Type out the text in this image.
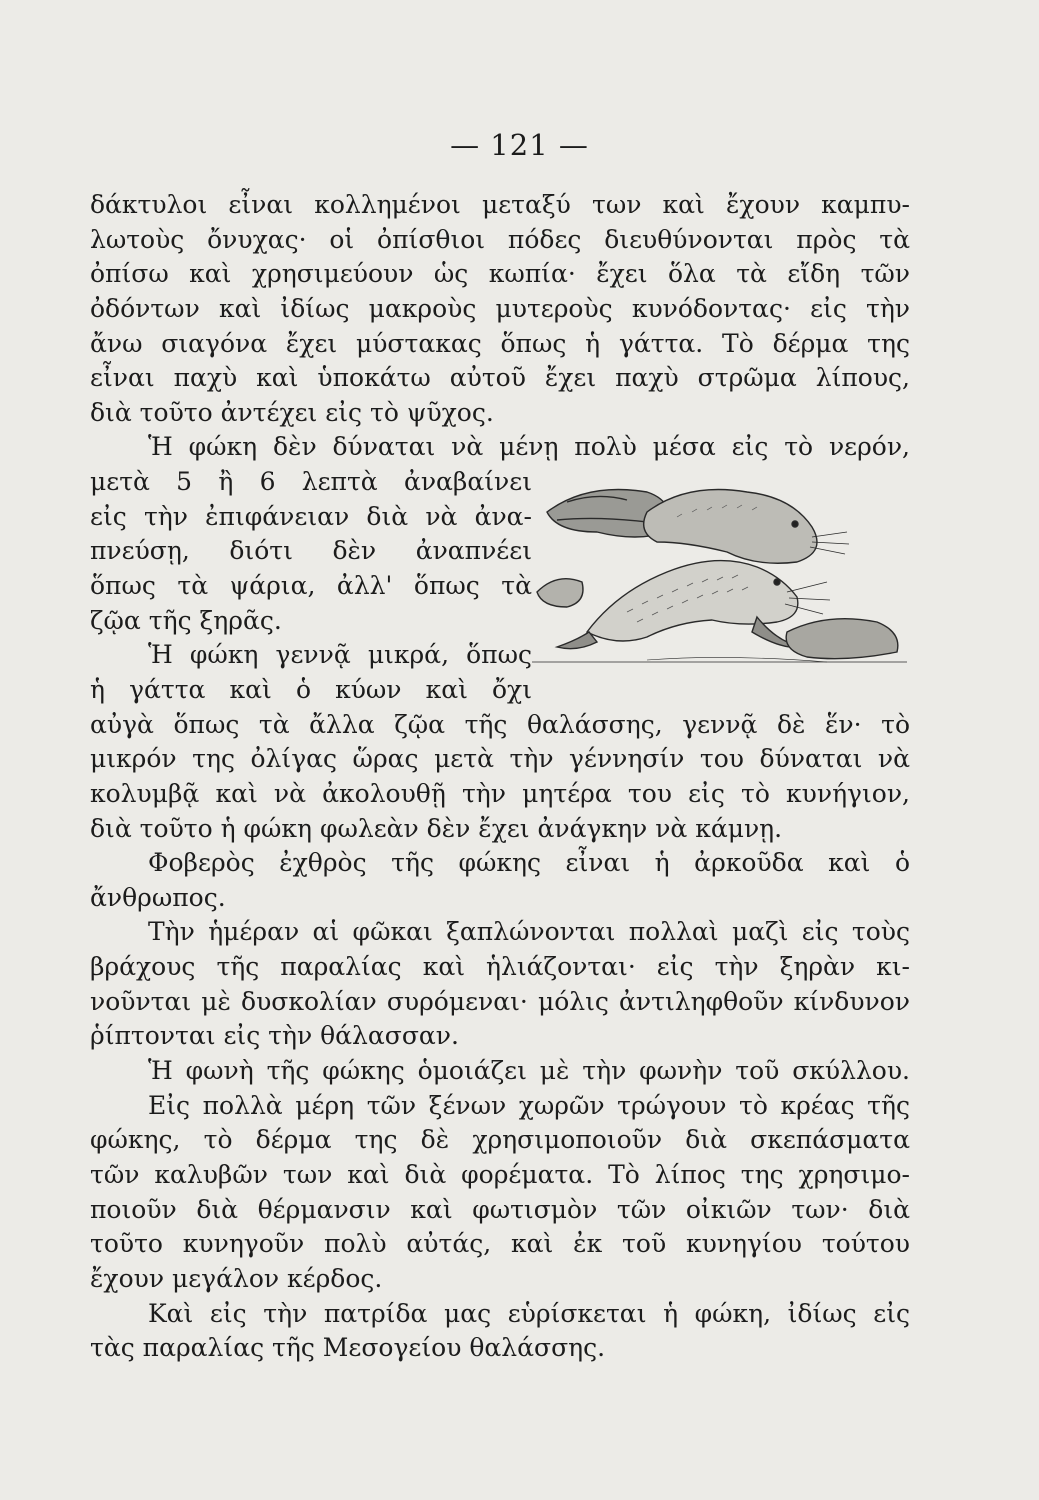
— 121 —
δάκτυλοι εἶναι κολλημένοι μεταξύ των καὶ ἔχουν καμπυ-
λωτοὺς ὄνυχας· οἱ ὀπίσθιοι πόδες διευθύνονται πρὸς τὰ
ὀπίσω καὶ χρησιμεύουν ὡς κωπία· ἔχει ὅλα τὰ εἴδη τῶν
ὀδόντων καὶ ἰδίως μακροὺς μυτεροὺς κυνόδοντας· εἰς τὴν
ἄνω σιαγόνα ἔχει μύστακας ὅπως ἡ γάττα. Τὸ δέρμα της
εἶναι παχὺ καὶ ὑποκάτω αὐτοῦ ἔχει παχὺ στρῶμα λίπους,
διὰ τοῦτο ἀντέχει εἰς τὸ ψῦχος.
Ἡ φώκη δὲν δύναται νὰ μένῃ πολὺ μέσα εἰς τὸ νερόν,
μετὰ 5 ἢ 6 λεπτὰ ἀναβαίνει
εἰς τὴν ἐπιφάνειαν διὰ νὰ ἀνα-
πνεύσῃ, διότι δὲν ἀναπνέει
ὅπως τὰ ψάρια, ἀλλ' ὅπως τὰ
ζῷα τῆς ξηρᾶς.
Ἡ φώκη γεννᾷ μικρά, ὅπως
ἡ γάττα καὶ ὁ κύων καὶ ὄχι
αὐγὰ ὅπως τὰ ἄλλα ζῷα τῆς θαλάσσης, γεννᾷ δὲ ἕν· τὸ
μικρόν της ὀλίγας ὥρας μετὰ τὴν γέννησίν του δύναται νὰ
κολυμβᾷ καὶ νὰ ἀκολουθῇ τὴν μητέρα του εἰς τὸ κυνήγιον,
διὰ τοῦτο ἡ φώκη φωλεὰν δὲν ἔχει ἀνάγκην νὰ κάμνῃ.
Φοβερὸς ἐχθρὸς τῆς φώκης εἶναι ἡ ἀρκοῦδα καὶ ὁ
ἄνθρωπος.
Τὴν ἡμέραν αἱ φῶκαι ξαπλώνονται πολλαὶ μαζὶ εἰς τοὺς
βράχους τῆς παραλίας καὶ ἡλιάζονται· εἰς τὴν ξηρὰν κι-
νοῦνται μὲ δυσκολίαν συρόμεναι· μόλις ἀντιληφθοῦν κίνδυνον
ῥίπτονται εἰς τὴν θάλασσαν.
Ἡ φωνὴ τῆς φώκης ὁμοιάζει μὲ τὴν φωνὴν τοῦ σκύλλου.
Εἰς πολλὰ μέρη τῶν ξένων χωρῶν τρώγουν τὸ κρέας τῆς
φώκης, τὸ δέρμα της δὲ χρησιμοποιοῦν διὰ σκεπάσματα
τῶν καλυβῶν των καὶ διὰ φορέματα. Τὸ λίπος της χρησιμο-
ποιοῦν διὰ θέρμανσιν καὶ φωτισμὸν τῶν οἰκιῶν των· διὰ
τοῦτο κυνηγοῦν πολὺ αὐτάς, καὶ ἐκ τοῦ κυνηγίου τούτου
ἔχουν μεγάλον κέρδος.
Καὶ εἰς τὴν πατρίδα μας εὑρίσκεται ἡ φώκη, ἰδίως εἰς
τὰς παραλίας τῆς Μεσογείου θαλάσσης.
